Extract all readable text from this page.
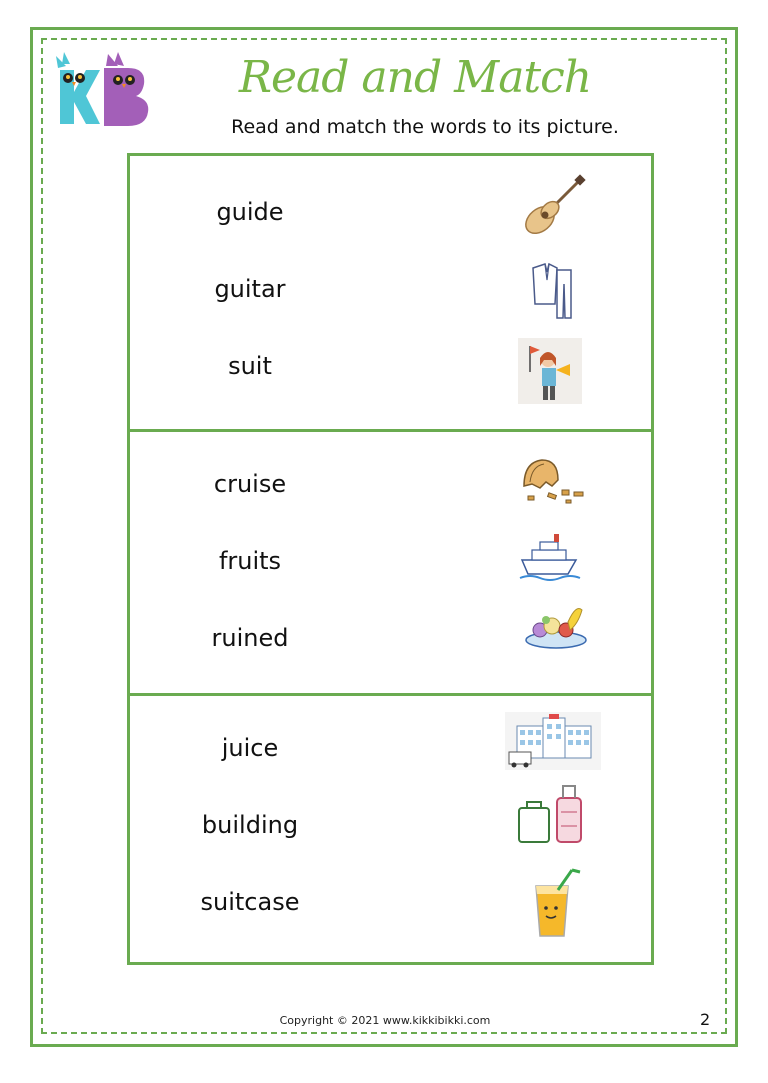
Read and Match
Read and match the words to its picture.
guide
guitar
suit
cruise
fruits
ruined
juice
building
suitcase
Copyright © 2021 www.kikkibikki.com	2
